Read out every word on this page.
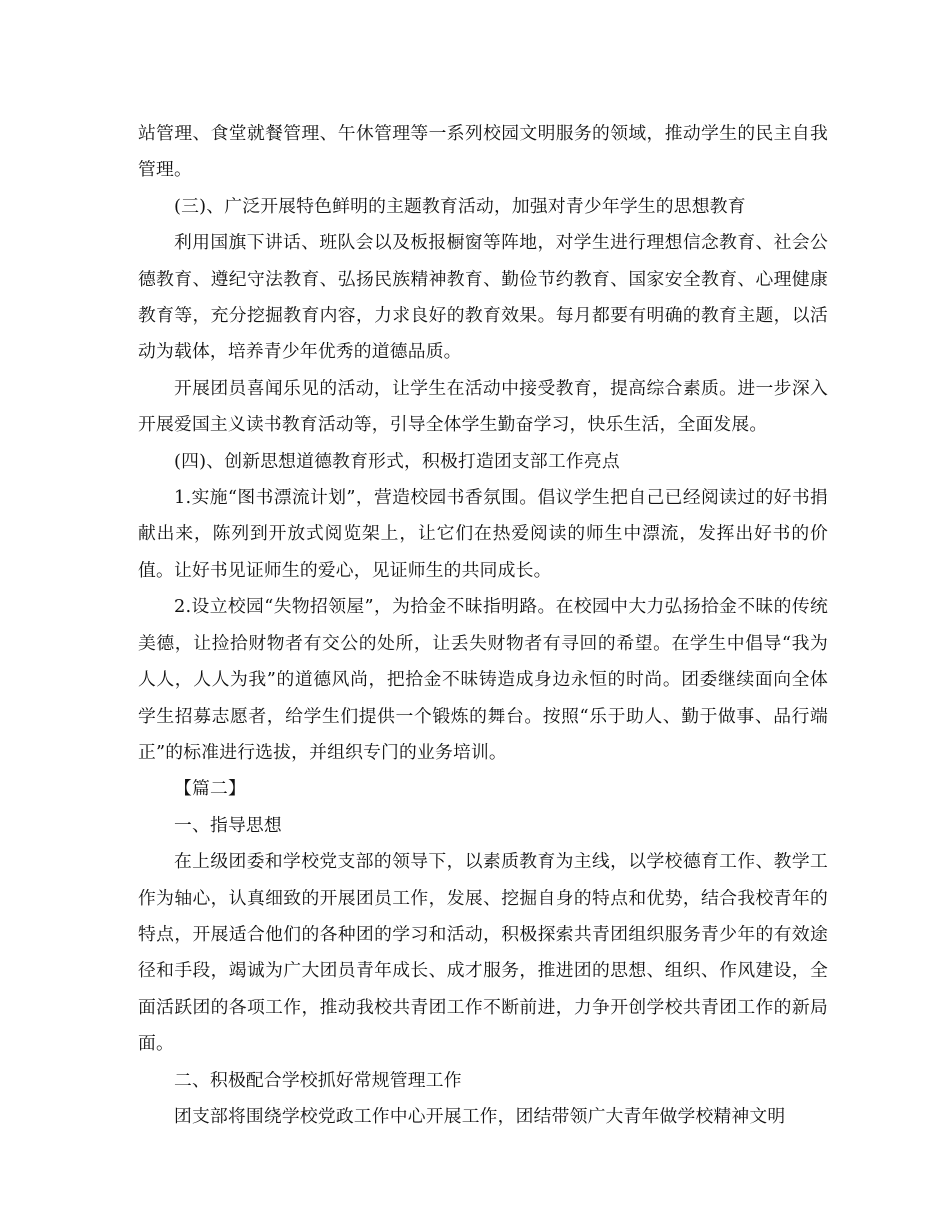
站管理、食堂就餐管理、午休管理等一系列校园文明服务的领域，推动学生的民主自我管理。

(三)、广泛开展特色鲜明的主题教育活动，加强对青少年学生的思想教育

利用国旗下讲话、班队会以及板报橱窗等阵地，对学生进行理想信念教育、社会公德教育、遵纪守法教育、弘扬民族精神教育、勤俭节约教育、国家安全教育、心理健康教育等，充分挖掘教育内容，力求良好的教育效果。每月都要有明确的教育主题，以活动为载体，培养青少年优秀的道德品质。

开展团员喜闻乐见的活动，让学生在活动中接受教育，提高综合素质。进一步深入开展爱国主义读书教育活动等，引导全体学生勤奋学习，快乐生活，全面发展。

(四)、创新思想道德教育形式，积极打造团支部工作亮点

1.实施“图书漂流计划”，营造校园书香氛围。倡议学生把自己已经阅读过的好书捐献出来，陈列到开放式阅览架上，让它们在热爱阅读的师生中漂流，发挥出好书的价值。让好书见证师生的爱心，见证师生的共同成长。

2.设立校园“失物招领屋”，为拾金不昧指明路。在校园中大力弘扬拾金不昧的传统美德，让捡拾财物者有交公的处所，让丢失财物者有寻回的希望。在学生中倡导“我为人人，人人为我”的道德风尚，把拾金不昧铸造成身边永恒的时尚。团委继续面向全体学生招募志愿者，给学生们提供一个锻炼的舞台。按照“乐于助人、勤于做事、品行端正”的标准进行选拔，并组织专门的业务培训。

【篇二】

一、指导思想

在上级团委和学校党支部的领导下，以素质教育为主线，以学校德育工作、教学工作为轴心，认真细致的开展团员工作，发展、挖掘自身的特点和优势，结合我校青年的特点，开展适合他们的各种团的学习和活动，积极探索共青团组织服务青少年的有效途径和手段，竭诚为广大团员青年成长、成才服务，推进团的思想、组织、作风建设，全面活跃团的各项工作，推动我校共青团工作不断前进，力争开创学校共青团工作的新局面。

二、积极配合学校抓好常规管理工作

团支部将围绕学校党政工作中心开展工作，团结带领广大青年做学校精神文明
